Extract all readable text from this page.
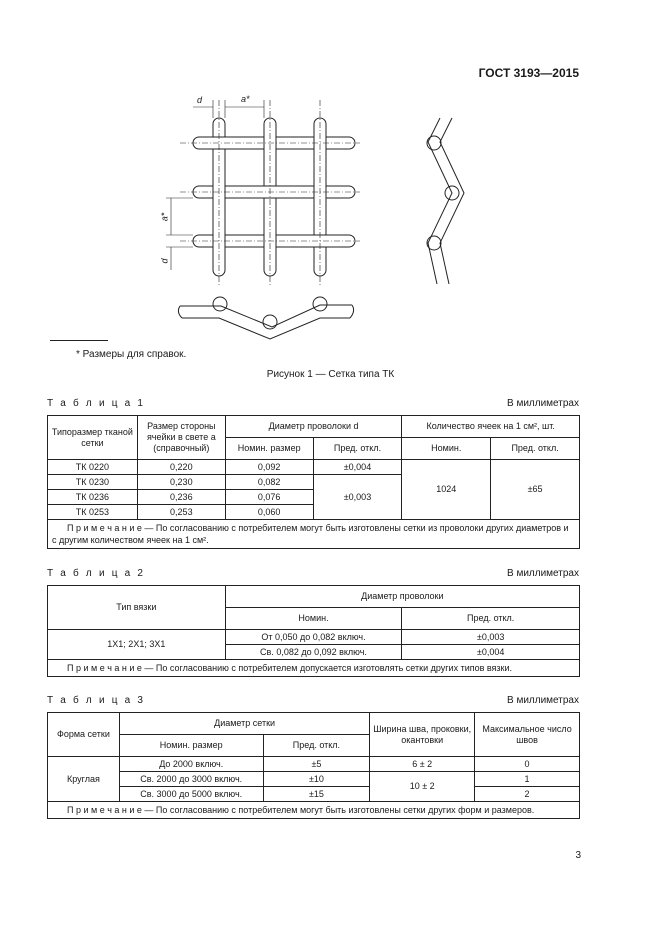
ГОСТ 3193—2015
d	a*
a*
d
* Размеры для справок.
Рисунок 1 — Сетка типа ТК
Т а б л и ц а 1	В миллиметрах
Типоразмер тканой сетки	Размер стороны ячейки в свете a (справочный)	Диаметр проволоки d		Количество ячеек на 1 см², шт.	
		Номин. размер	Пред. откл.	Номин.	Пред. откл.
ТК 0220	0,220	0,092	±0,004	1024	±65
ТК 0230	0,230	0,082	±0,003		
ТК 0236	0,236	0,076			
ТК 0253	0,253	0,060			
П р и м е ч а н и е — По согласованию с потребителем могут быть изготовлены сетки из проволоки других диаметров и с другим количеством ячеек на 1 см².					
Т а б л и ц а 2	В миллиметрах
Тип вязки	Диаметр проволоки	
	Номин.	Пред. откл.
1Х1; 2Х1; 3Х1	От 0,050 до 0,082 включ.	±0,003
	Св. 0,082 до 0,092 включ.	±0,004
П р и м е ч а н и е — По согласованию с потребителем допускается изготовлять сетки других типов вязки.		
Т а б л и ц а 3	В миллиметрах
Форма сетки	Диаметр сетки		Ширина шва, проковки, окантовки	Максимальное число швов
	Номин. размер	Пред. откл.		
Круглая	До 2000 включ.	±5	6 ± 2	0
	Св. 2000 до 3000 включ.	±10	10 ± 2	1
	Св. 3000 до 5000 включ.	±15		2
П р и м е ч а н и е — По согласованию с потребителем могут быть изготовлены сетки других форм и размеров.				
3
